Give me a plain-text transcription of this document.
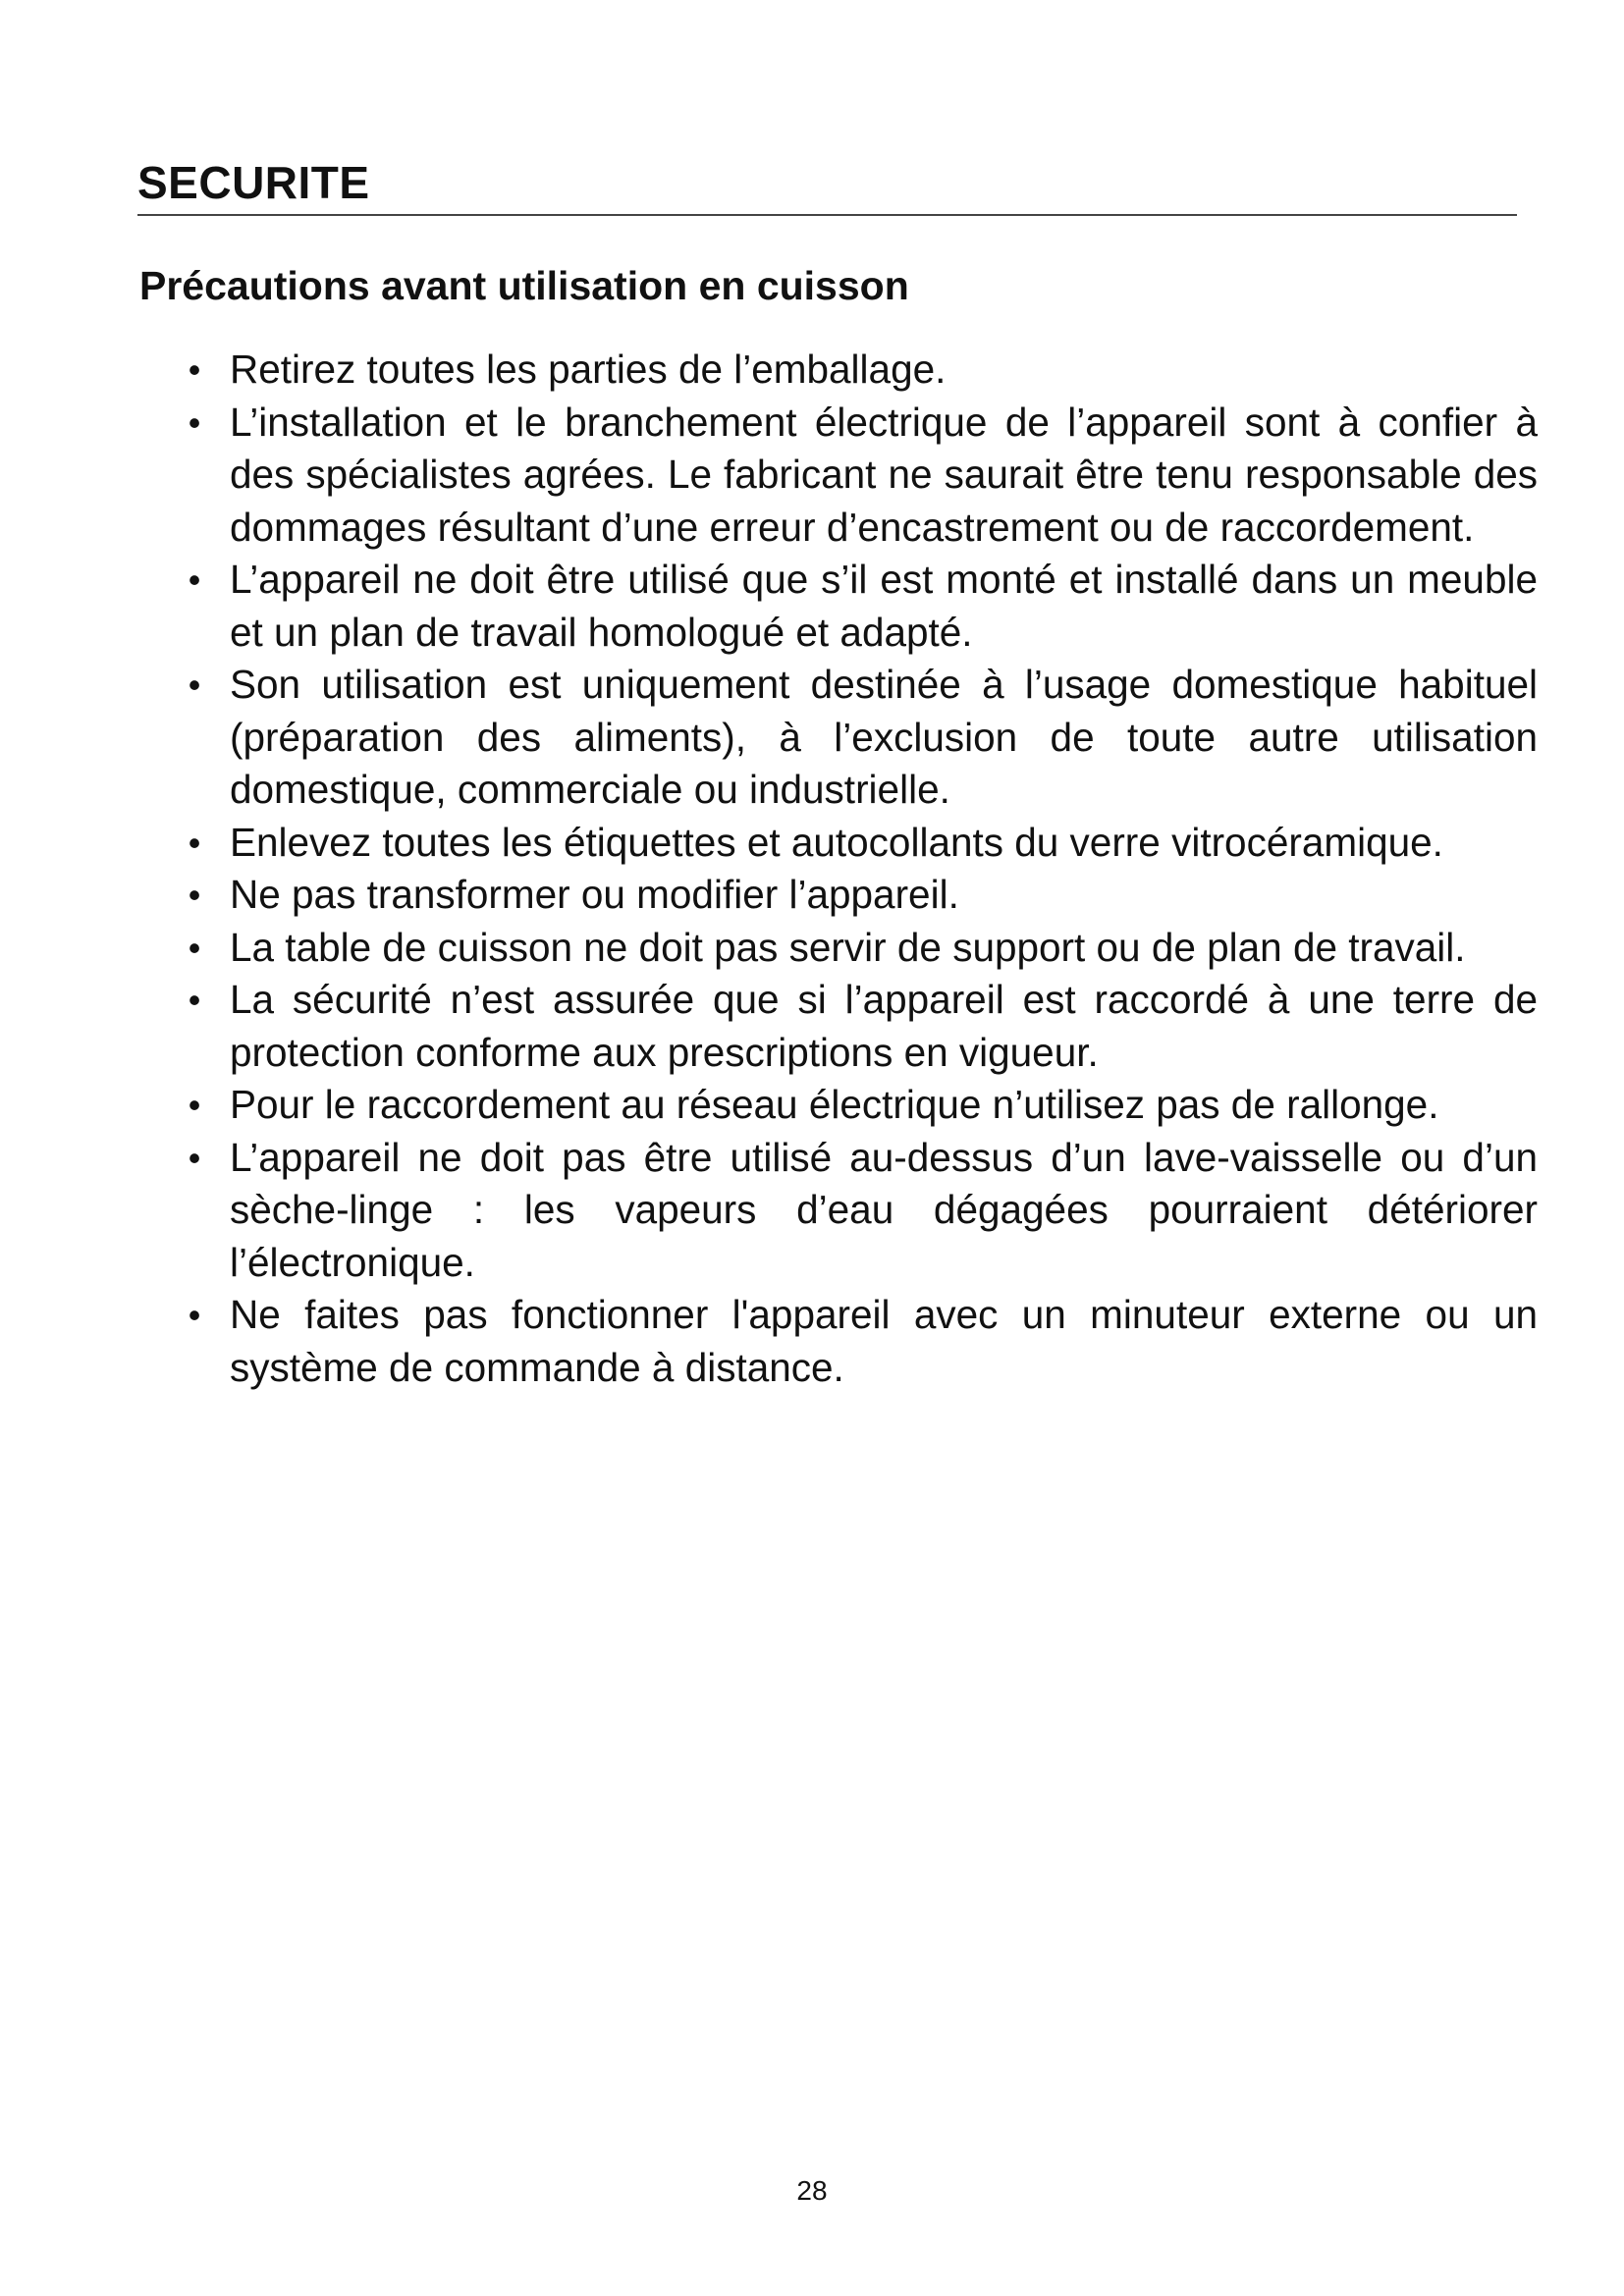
SECURITE
Précautions avant utilisation en cuisson
• Retirez toutes les parties de l’emballage.
• L’installation et le branchement électrique de l’appareil sont à confier à des spécialistes agrées. Le fabricant ne saurait être tenu responsable des dommages résultant d’une erreur d’encastrement ou de raccordement.
• L’appareil ne doit être utilisé que s’il est monté et installé dans un meuble et un plan de travail homologué et adapté.
• Son utilisation est uniquement destinée à l’usage domestique habituel (préparation des aliments), à l’exclusion de toute autre utilisation domestique, commerciale ou industrielle.
• Enlevez toutes les étiquettes et autocollants du verre vitrocéramique.
• Ne pas transformer ou modifier l’appareil.
• La table de cuisson ne doit pas servir de support ou de plan de travail.
• La sécurité n’est assurée que si l’appareil est raccordé à une terre de protection conforme aux prescriptions en vigueur.
• Pour le raccordement au réseau électrique n’utilisez pas de rallonge.
• L’appareil ne doit pas être utilisé au-dessus d’un lave-vaisselle ou d’un sèche-linge : les vapeurs d’eau dégagées pourraient détériorer l’électronique.
• Ne faites pas fonctionner l'appareil avec un minuteur externe ou un système de commande à distance.

28
